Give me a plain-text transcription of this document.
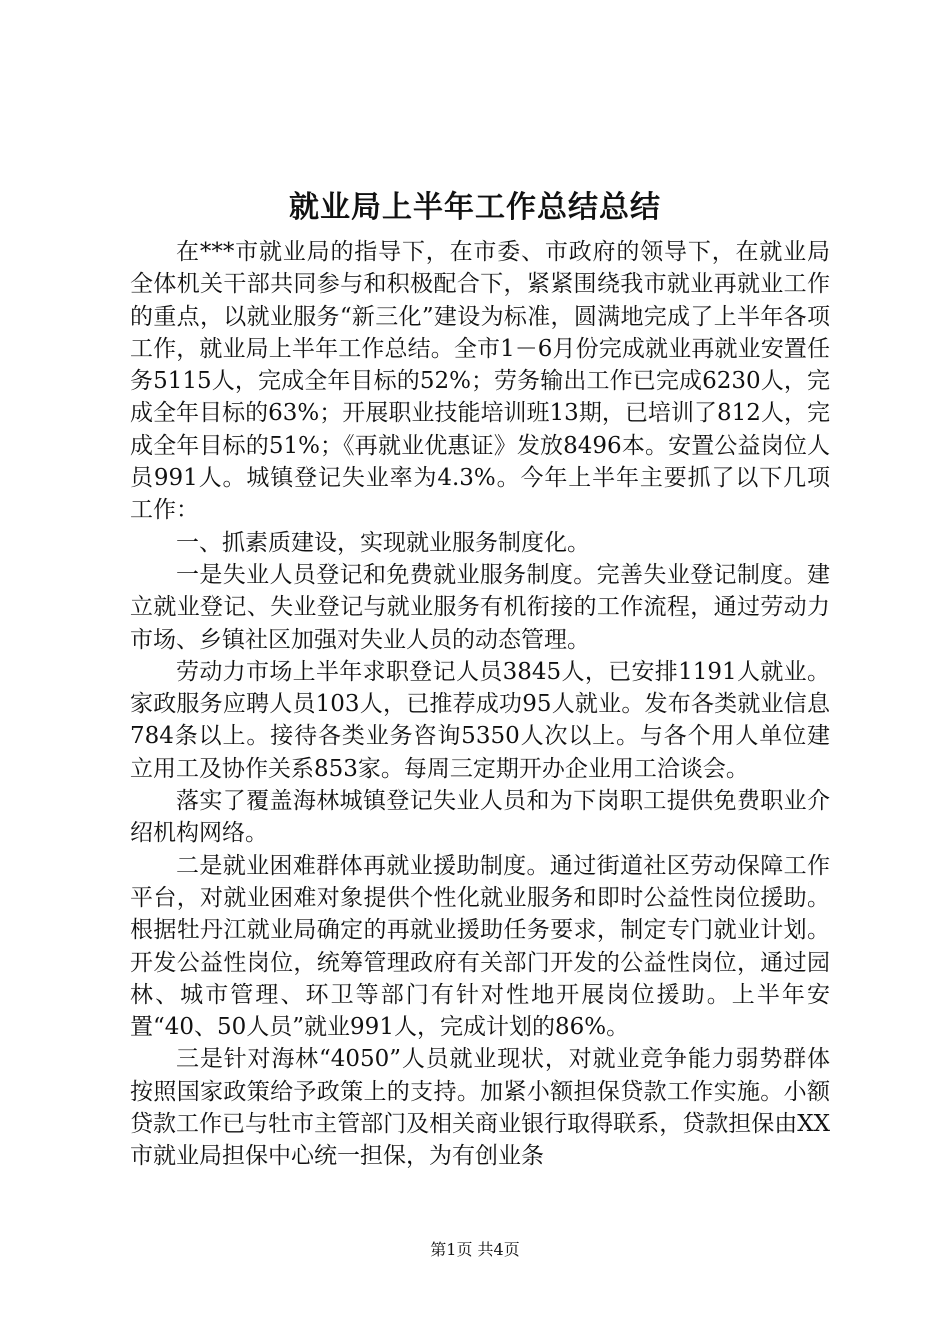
就业局上半年工作总结总结

在***市就业局的指导下，在市委、市政府的领导下，在就业局全体机关干部共同参与和积极配合下，紧紧围绕我市就业再就业工作的重点，以就业服务“新三化”建设为标准，圆满地完成了上半年各项工作，就业局上半年工作总结。全市1－6月份完成就业再就业安置任务5115人，完成全年目标的52%；劳务输出工作已完成6230人，完成全年目标的63%；开展职业技能培训班13期，已培训了812人，完成全年目标的51%；《再就业优惠证》发放8496本。安置公益岗位人员991人。城镇登记失业率为4.3%。今年上半年主要抓了以下几项工作：

一、抓素质建设，实现就业服务制度化。

一是失业人员登记和免费就业服务制度。完善失业登记制度。建立就业登记、失业登记与就业服务有机衔接的工作流程，通过劳动力市场、乡镇社区加强对失业人员的动态管理。

劳动力市场上半年求职登记人员3845人，已安排1191人就业。家政服务应聘人员103人，已推荐成功95人就业。发布各类就业信息784条以上。接待各类业务咨询5350人次以上。与各个用人单位建立用工及协作关系853家。每周三定期开办企业用工洽谈会。

落实了覆盖海林城镇登记失业人员和为下岗职工提供免费职业介绍机构网络。

二是就业困难群体再就业援助制度。通过街道社区劳动保障工作平台，对就业困难对象提供个性化就业服务和即时公益性岗位援助。根据牡丹江就业局确定的再就业援助任务要求，制定专门就业计划。开发公益性岗位，统筹管理政府有关部门开发的公益性岗位，通过园林、城市管理、环卫等部门有针对性地开展岗位援助。上半年安置“40、50人员”就业991人，完成计划的86%。

三是针对海林“4050”人员就业现状，对就业竞争能力弱势群体按照国家政策给予政策上的支持。加紧小额担保贷款工作实施。小额贷款工作已与牡市主管部门及相关商业银行取得联系，贷款担保由XX市就业局担保中心统一担保，为有创业条

第1页 共4页
